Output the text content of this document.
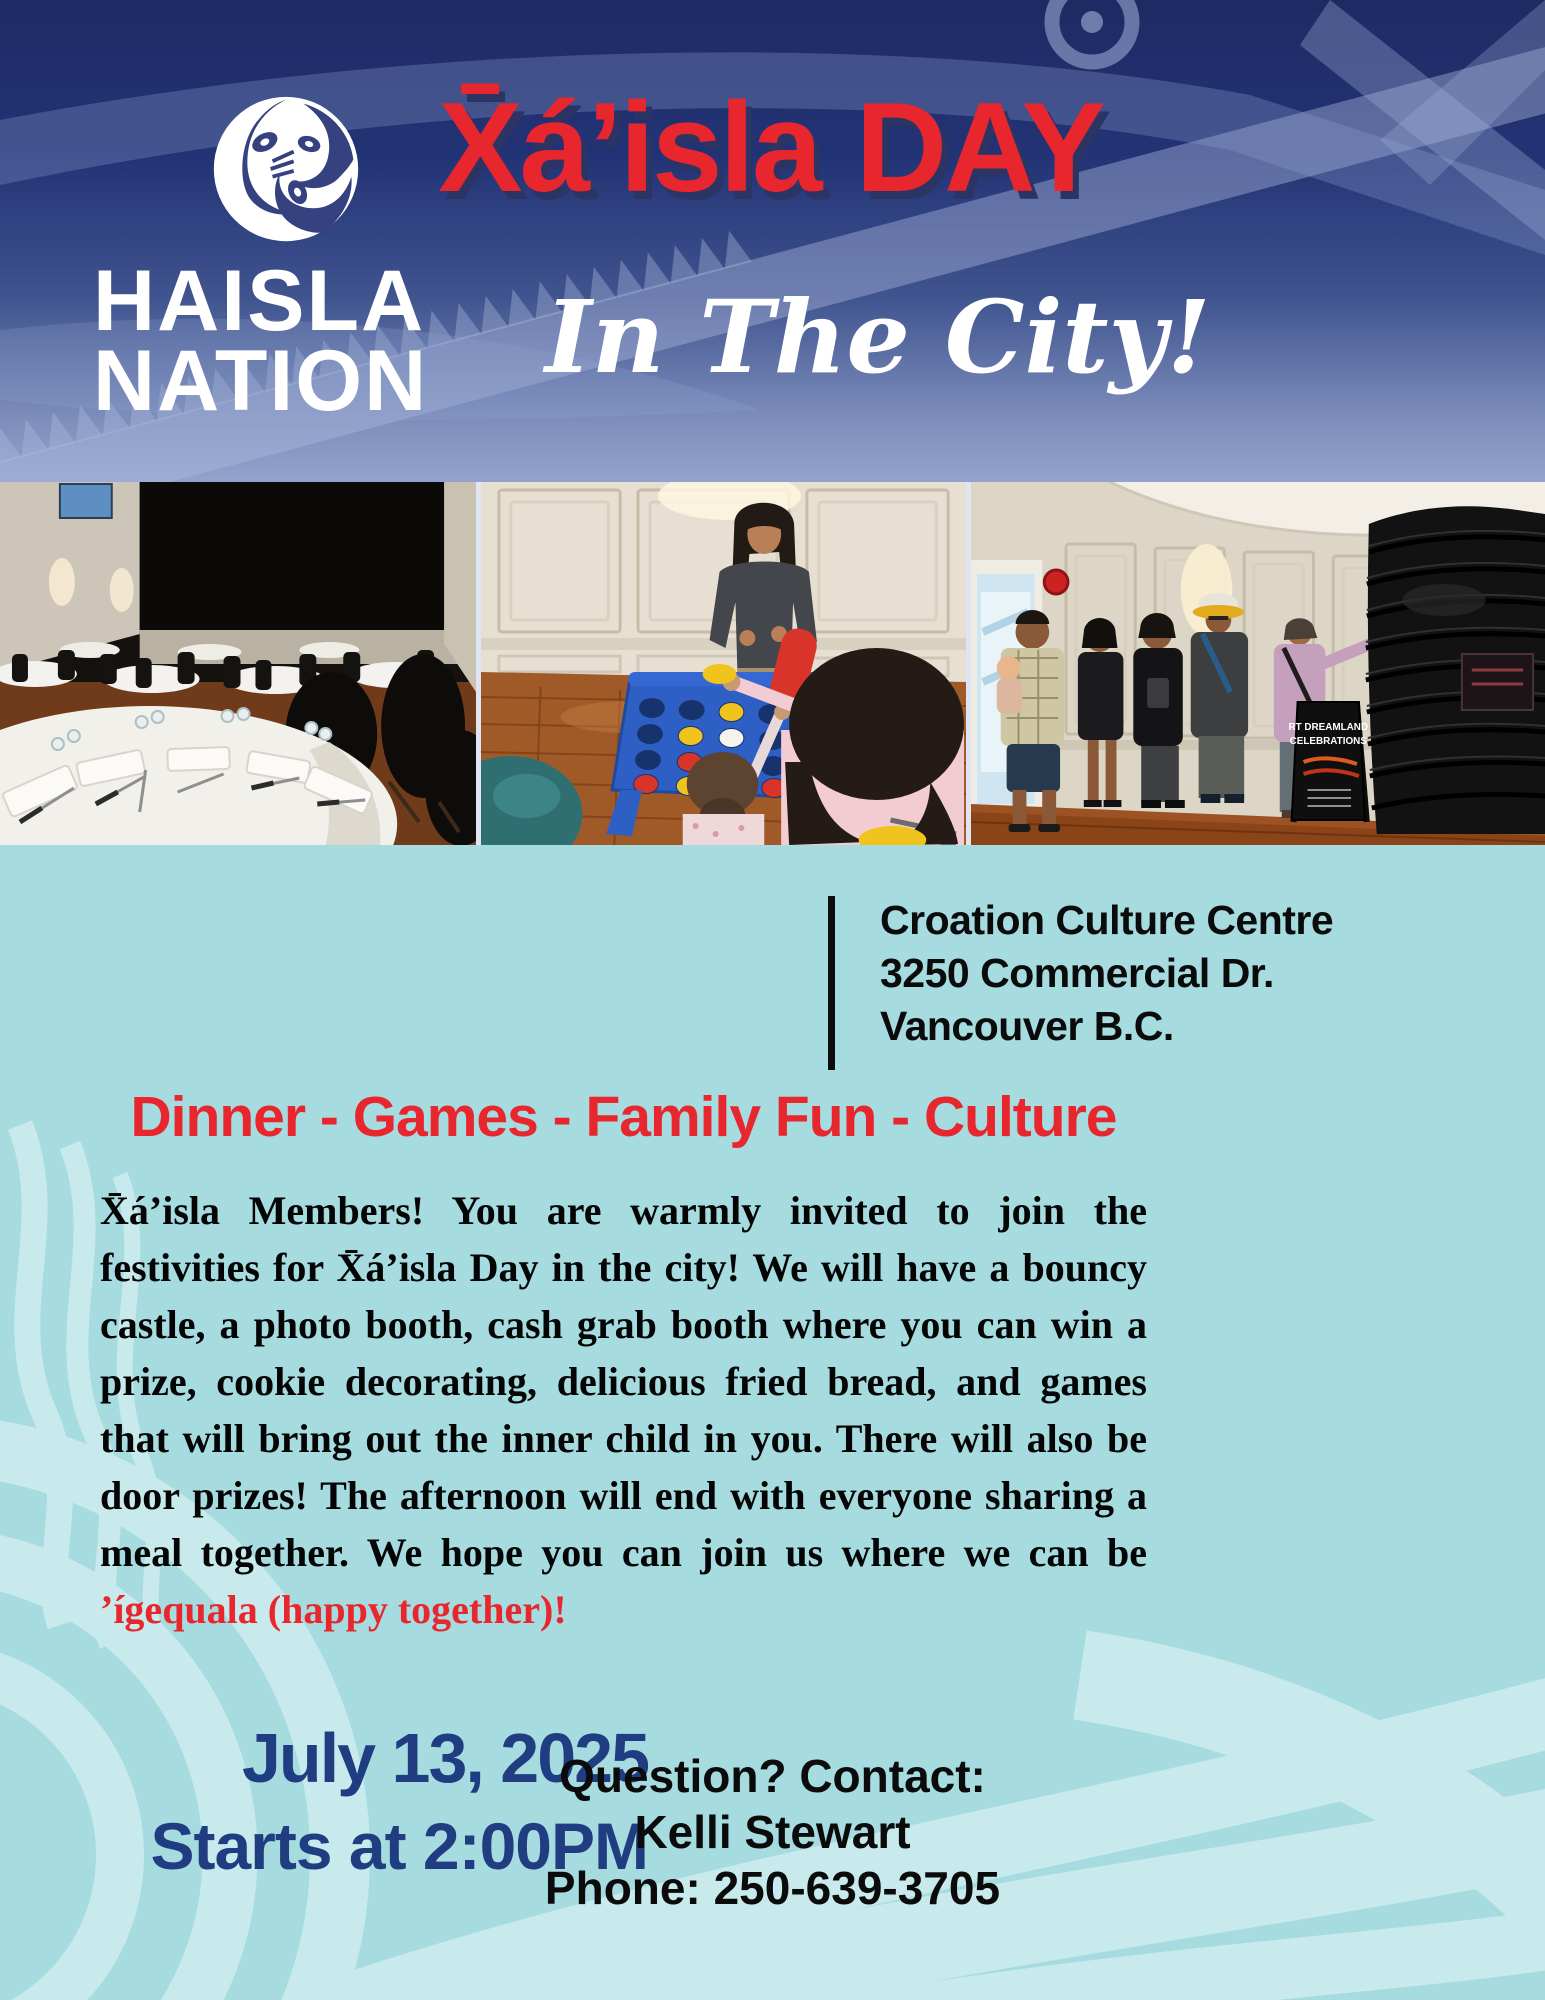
HAISLA
NATION
X̄á’isla DAY
In The City!
RT DREAMLAND
CELEBRATIONS
July 13, 2025
Starts at 2:00PM
Croation Culture Centre
3250 Commercial Dr.
Vancouver B.C.
Dinner - Games - Family Fun - Culture

X̄á’isla Members! You are warmly invited to join the festivities for X̄á’isla Day in the city! We will have a bouncy castle, a photo booth, cash grab booth where you can win a prize, cookie decorating, delicious fried bread, and games that will bring out the inner child in you. There will also be door prizes! The afternoon will end with everyone sharing a meal together. We hope you can join us where we can be ’ígequala (happy together)!

Question? Contact:
Kelli Stewart
Phone: 250-639-3705
